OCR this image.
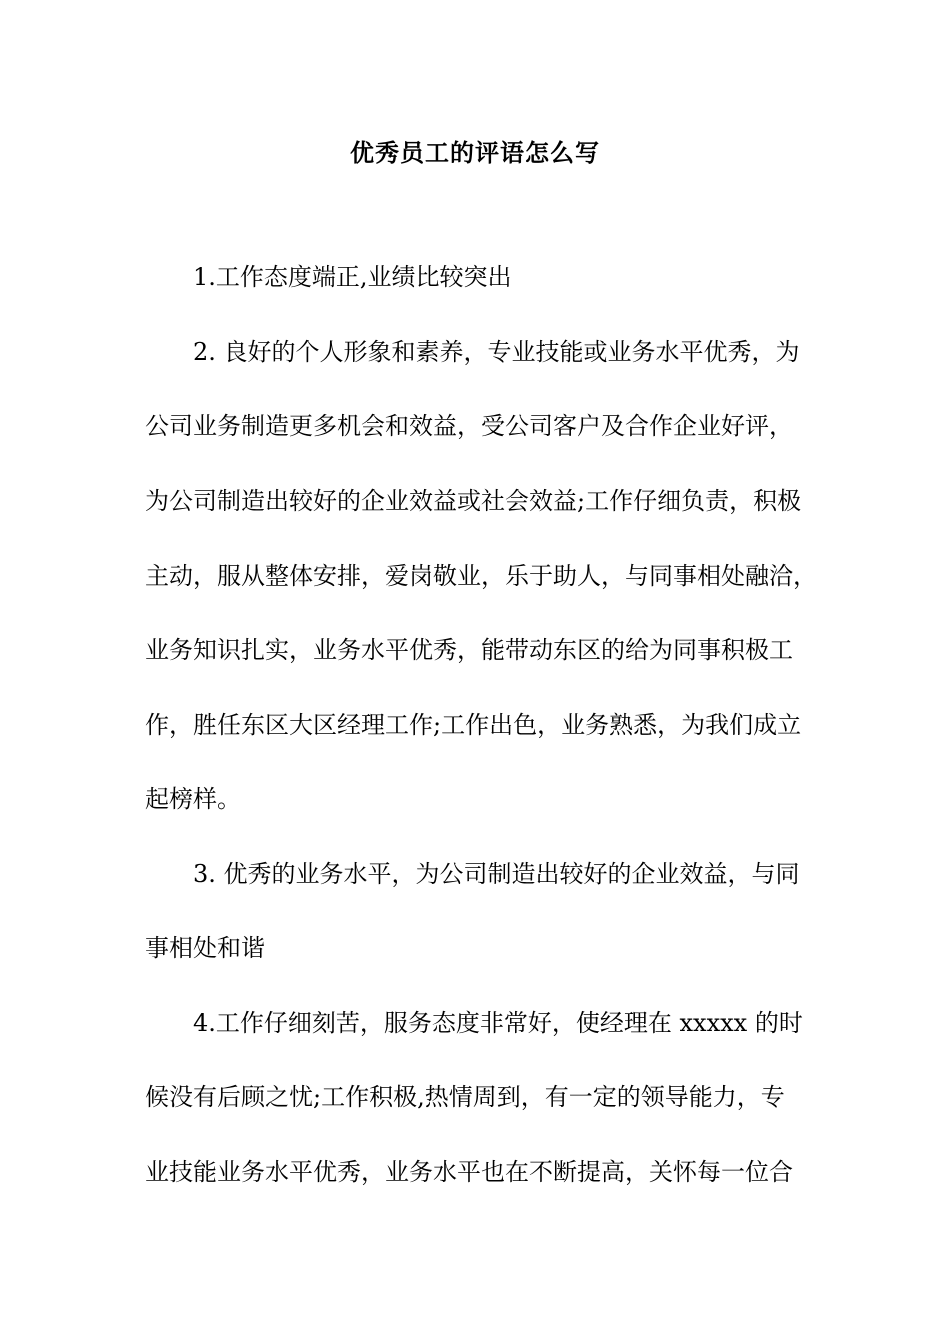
优秀员工的评语怎么写
1.工作态度端正,业绩比较突出
2. 良好的个人形象和素养，专业技能或业务水平优秀，为
公司业务制造更多机会和效益，受公司客户及合作企业好评，
为公司制造出较好的企业效益或社会效益;工作仔细负责，积极
主动，服从整体安排，爱岗敬业，乐于助人，与同事相处融洽，
业务知识扎实，业务水平优秀，能带动东区的给为同事积极工
作，胜任东区大区经理工作;工作出色，业务熟悉，为我们成立
起榜样。
3. 优秀的业务水平，为公司制造出较好的企业效益，与同
事相处和谐
4.工作仔细刻苦，服务态度非常好，使经理在 xxxxx 的时
候没有后顾之忧;工作积极,热情周到，有一定的领导能力，专
业技能业务水平优秀，业务水平也在不断提高，关怀每一位合
